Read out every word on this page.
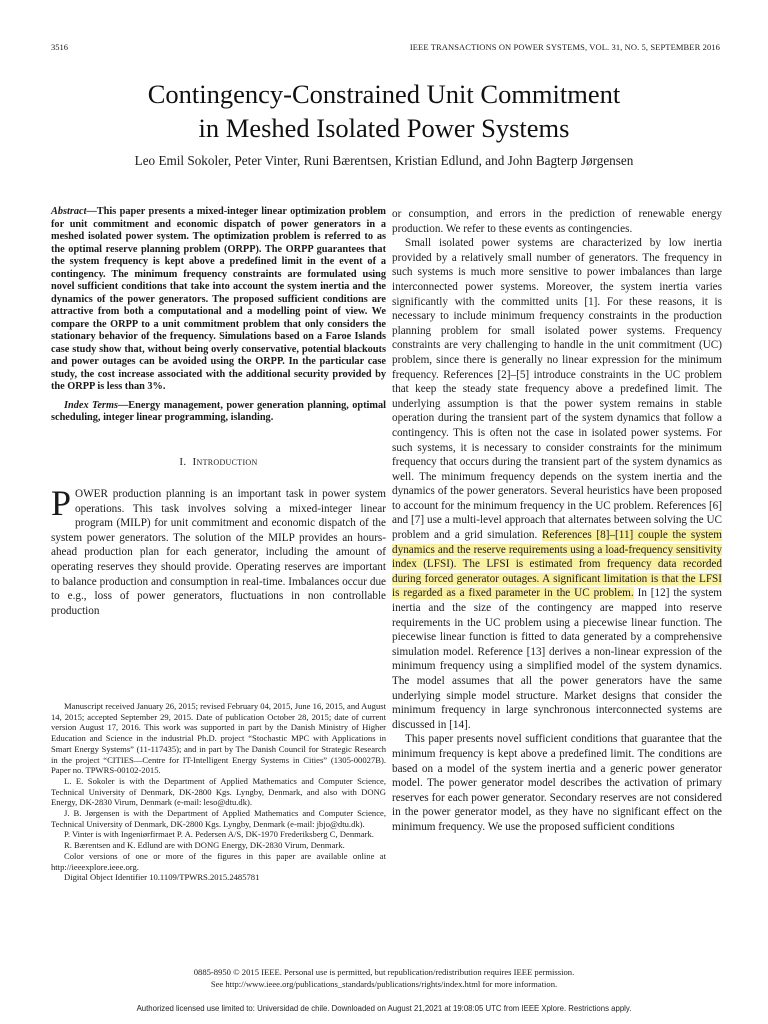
3516	IEEE TRANSACTIONS ON POWER SYSTEMS, VOL. 31, NO. 5, SEPTEMBER 2016
Contingency-Constrained Unit Commitment
in Meshed Isolated Power Systems
Leo Emil Sokoler, Peter Vinter, Runi Bærentsen, Kristian Edlund, and John Bagterp Jørgensen

Abstract—This paper presents a mixed-integer linear optimization problem for unit commitment and economic dispatch of power generators in a meshed isolated power system. The optimization problem is referred to as the optimal reserve planning problem (ORPP). The ORPP guarantees that the system frequency is kept above a predefined limit in the event of a contingency. The minimum frequency constraints are formulated using novel sufficient conditions that take into account the system inertia and the dynamics of the power generators. The proposed sufficient conditions are attractive from both a computational and a modelling point of view. We compare the ORPP to a unit commitment problem that only considers the stationary behavior of the frequency. Simulations based on a Faroe Islands case study show that, without being overly conservative, potential blackouts and power outages can be avoided using the ORPP. In the particular case study, the cost increase associated with the additional security provided by the ORPP is less than 3%.

Index Terms—Energy management, power generation planning, optimal scheduling, integer linear programming, islanding.

I. Introduction

POWER production planning is an important task in power system operations. This task involves solving a mixed-integer linear program (MILP) for unit commitment and economic dispatch of the system power generators. The solution of the MILP provides an hours-ahead production plan for each generator, including the amount of operating reserves they should provide. Operating reserves are important to balance production and consumption in real-time. Imbalances occur due to e.g., loss of power generators, fluctuations in non controllable production

Manuscript received January 26, 2015; revised February 04, 2015, June 16, 2015, and August 14, 2015; accepted September 29, 2015. Date of publication October 28, 2015; date of current version August 17, 2016. This work was supported in part by the Danish Ministry of Higher Education and Science in the industrial Ph.D. project “Stochastic MPC with Applications in Smart Energy Systems” (11-117435); and in part by The Danish Council for Strategic Research in the project “CITIES—Centre for IT-Intelligent Energy Systems in Cities” (1305-00027B). Paper no. TPWRS-00102-2015.

L. E. Sokoler is with the Department of Applied Mathematics and Computer Science, Technical University of Denmark, DK-2800 Kgs. Lyngby, Denmark, and also with DONG Energy, DK-2830 Virum, Denmark (e-mail: leso@dtu.dk).

J. B. Jørgensen is with the Department of Applied Mathematics and Computer Science, Technical University of Denmark, DK-2800 Kgs. Lyngby, Denmark (e-mail: jbjo@dtu.dk).

P. Vinter is with Ingeniørfirmaet P. A. Pedersen A/S, DK-1970 Frederiksberg C, Denmark.

R. Bærentsen and K. Edlund are with DONG Energy, DK-2830 Virum, Denmark.

Color versions of one or more of the figures in this paper are available online at http://ieeexplore.ieee.org.

Digital Object Identifier 10.1109/TPWRS.2015.2485781

or consumption, and errors in the prediction of renewable energy production. We refer to these events as contingencies.

Small isolated power systems are characterized by low inertia provided by a relatively small number of generators. The frequency in such systems is much more sensitive to power imbalances than large interconnected power systems. Moreover, the system inertia varies significantly with the committed units [1]. For these reasons, it is necessary to include minimum frequency constraints in the production planning problem for small isolated power systems. Frequency constraints are very challenging to handle in the unit commitment (UC) problem, since there is generally no linear expression for the minimum frequency. References [2]–[5] introduce constraints in the UC problem that keep the steady state frequency above a predefined limit. The underlying assumption is that the power system remains in stable operation during the transient part of the system dynamics that follow a contingency. This is often not the case in isolated power systems. For such systems, it is necessary to consider constraints for the minimum frequency that occurs during the transient part of the system dynamics as well. The minimum frequency depends on the system inertia and the dynamics of the power generators. Several heuristics have been proposed to account for the minimum frequency in the UC problem. References [6] and [7] use a multi-level approach that alternates between solving the UC problem and a grid simulation. References [8]–[11] couple the system dynamics and the reserve requirements using a load-frequency sensitivity index (LFSI). The LFSI is estimated from frequency data recorded during forced generator outages. A significant limitation is that the LFSI is regarded as a fixed parameter in the UC problem. In [12] the system inertia and the size of the contingency are mapped into reserve requirements in the UC problem using a piecewise linear function. The piecewise linear function is fitted to data generated by a comprehensive simulation model. Reference [13] derives a non-linear expression of the minimum frequency using a simplified model of the system dynamics. The model assumes that all the power generators have the same underlying simple model structure. Market designs that consider the minimum frequency in large synchronous interconnected systems are discussed in [14].

This paper presents novel sufficient conditions that guarantee that the minimum frequency is kept above a predefined limit. The conditions are based on a model of the system inertia and a generic power generator model. The power generator model describes the activation of primary reserves for each power generator. Secondary reserves are not considered in the power generator model, as they have no significant effect on the minimum frequency. We use the proposed sufficient conditions

0885-8950 © 2015 IEEE. Personal use is permitted, but republication/redistribution requires IEEE permission.
See http://www.ieee.org/publications_standards/publications/rights/index.html for more information.
Authorized licensed use limited to: Universidad de chile. Downloaded on August 21,2021 at 19:08:05 UTC from IEEE Xplore. Restrictions apply.
